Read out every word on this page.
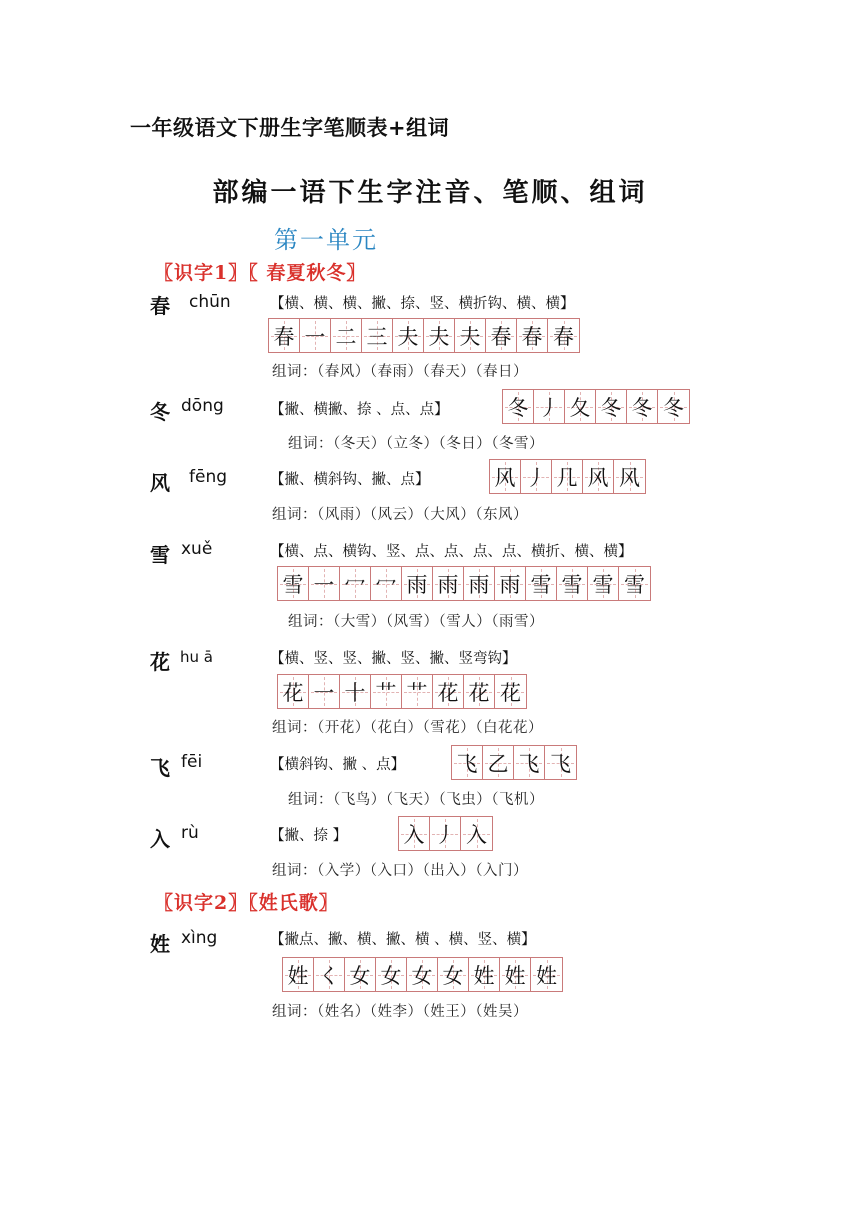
一年级语文下册生字笔顺表+组词
部编一语下生字注音、笔顺、组词
第一单元
〖识字1〗〖 春夏秋冬〗
〖识字2〗〖姓氏歌〗
春 chūn	【横、横、横、撇、捺、竖、横折钩、横、横】
春 一 二 三 夫 夫 夫 春 春 春
组词：（春风）（春雨）（春天）（春日）
冬 dōng	【撇、横撇、捺 、点、点】	冬 丿 夂 冬 冬 冬
组词：（冬天）（立冬）（冬日）（冬雪）
风 fēng	【撇、横斜钩、撇、点】	风 丿 几 风 风
组词：（风雨）（风云）（大风）（东风）
雪 xuě	【横、点、横钩、竖、点、点、点、点、横折、横、横】
雪 一 冖 冖 雨 雨 雨 雨 雪 雪 雪 雪
组词：（大雪）（风雪）（雪人）（雨雪）
花 hu ā	【横、竖、竖、撇、竖、撇、竖弯钩】
花 一 十 艹 艹 花 花 花
组词：（开花）（花白）（雪花）（白花花）
飞 fēi	【横斜钩、撇 、点】 飞 乙 飞 飞
组词：（飞鸟）（飞天）（飞虫）（飞机）
入 rù	【撇、捺 】	入 丿 入
组词：（入学）（入口）（出入）（入门）
姓 xìng	【撇点、撇、横、撇、横 、横、竖、横】
姓 く 女 女 女 女 姓 姓 姓
组词：（姓名）（姓李）（姓王）（姓吴）
